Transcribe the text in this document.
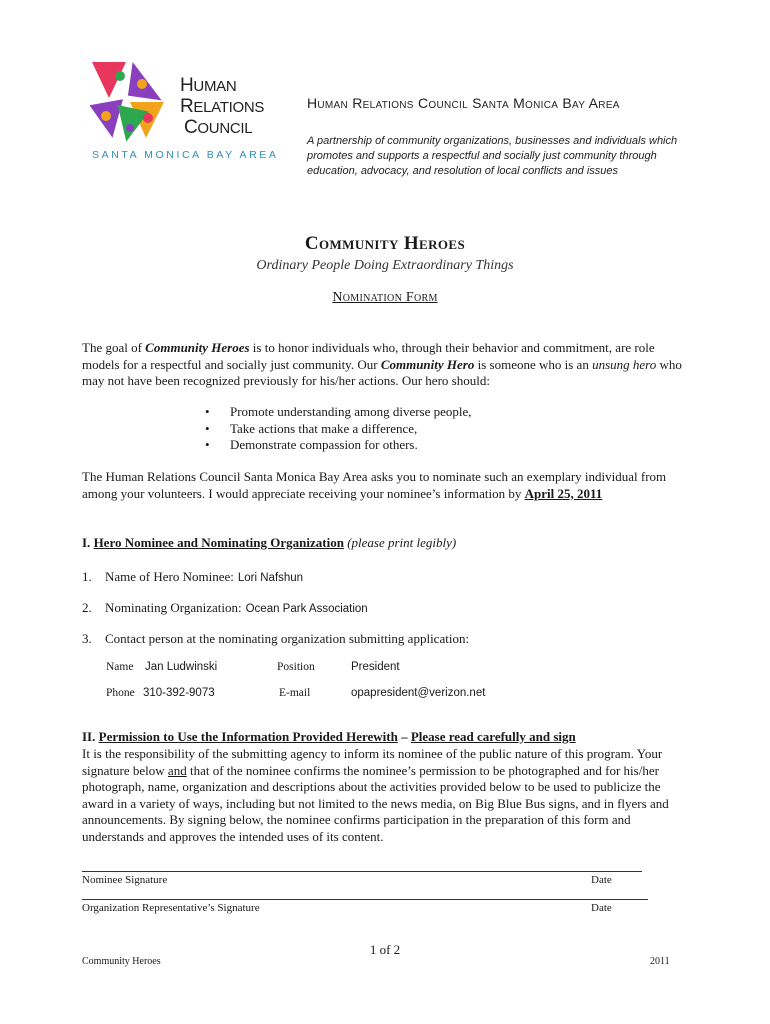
HUMAN
RELATIONS
COUNCIL
SANTA MONICA BAY AREA
Human Relations Council Santa Monica Bay Area
A partnership of community organizations, businesses and individuals which promotes and supports a respectful and socially just community through education, advocacy, and resolution of local conflicts and issues
Community Heroes
Ordinary People Doing Extraordinary Things
Nomination Form

The goal of Community Heroes is to honor individuals who, through their behavior and commitment, are role models for a respectful and socially just community. Our Community Hero is someone who is an unsung hero who may not have been recognized previously for his/her actions. Our hero should:

• Promote understanding among diverse people,
• Take actions that make a difference,
• Demonstrate compassion for others.

The Human Relations Council Santa Monica Bay Area asks you to nominate such an exemplary individual from among your volunteers. I would appreciate receiving your nominee’s information by April 25, 2011

I. Hero Nominee and Nominating Organization (please print legibly)
1. Name of Hero Nominee: Lori Nafshun
2. Nominating Organization: Ocean Park Association
3. Contact person at the nominating organization submitting application:
Name Jan Ludwinski	Position	President
Phone 310-392-9073	E-mail	opapresident@verizon.net
II. Permission to Use the Information Provided Herewith – Please read carefully and sign

It is the responsibility of the submitting agency to inform its nominee of the public nature of this program. Your signature below and that of the nominee confirms the nominee’s permission to be photographed and for his/her photograph, name, organization and descriptions about the activities provided below to be used to publicize the award in a variety of ways, including but not limited to the news media, on Big Blue Bus signs, and in flyers and announcements. By signing below, the nominee confirms participation in the preparation of this form and understands and approves the intended uses of its content.

Nominee Signature	Date
Organization Representative’s Signature	Date
1 of 2
Community Heroes	2011
